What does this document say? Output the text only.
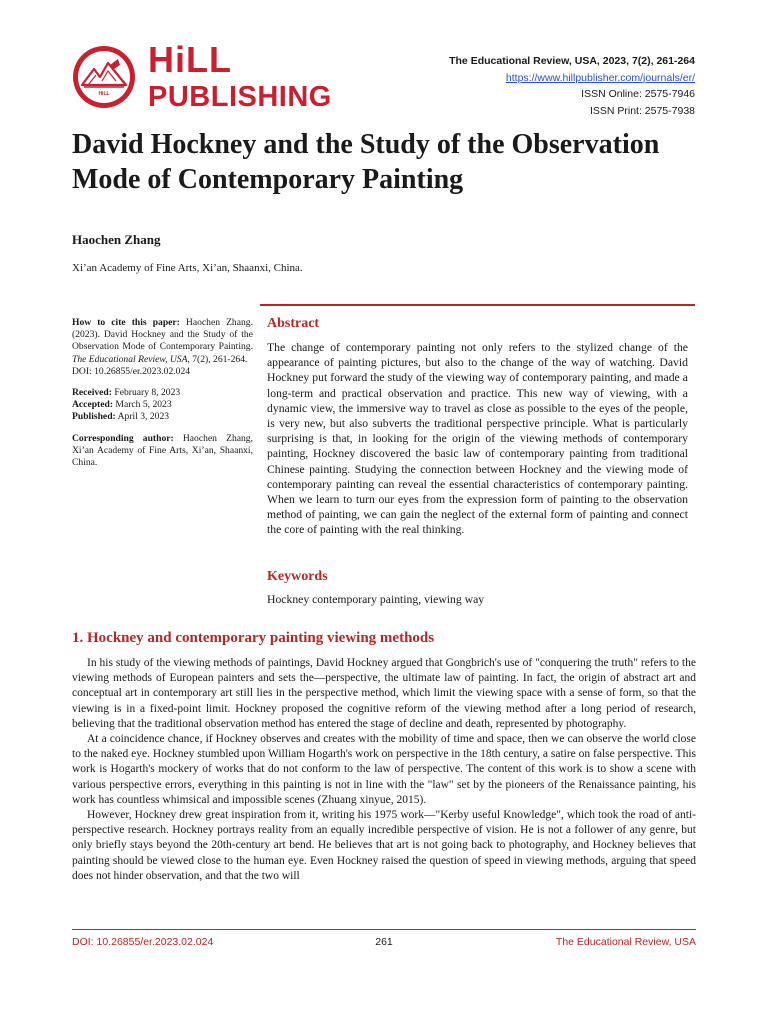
HiLL
HiLL
PUBLISHING
The Educational Review, USA, 2023, 7(2), 261-264
https://www.hillpublisher.com/journals/er/
ISSN Online: 2575-7946
ISSN Print: 2575-7938
David Hockney and the Study of the Observation Mode of Contemporary Painting
Haochen Zhang
Xi’an Academy of Fine Arts, Xi’an, Shaanxi, China.

How to cite this paper: Haochen Zhang. (2023). David Hockney and the Study of the Observation Mode of Contemporary Painting. The Educational Review, USA, 7(2), 261-264.
DOI: 10.26855/er.2023.02.024

Received: February 8, 2023
Accepted: March 5, 2023
Published: April 3, 2023

Corresponding author: Haochen Zhang, Xi’an Academy of Fine Arts, Xi’an, Shaanxi, China.

Abstract

The change of contemporary painting not only refers to the stylized change of the appearance of painting pictures, but also to the change of the way of watching. David Hockney put forward the study of the viewing way of contemporary painting, and made a long-term and practical observation and practice. This new way of viewing, with a dynamic view, the immersive way to travel as close as possible to the eyes of the people, is very new, but also subverts the traditional perspective principle. What is particularly surprising is that, in looking for the origin of the viewing methods of contemporary painting, Hockney discovered the basic law of contemporary painting from traditional Chinese painting. Studying the connection between Hockney and the viewing mode of contemporary painting can reveal the essential characteristics of contemporary painting. When we learn to turn our eyes from the expression form of painting to the observation method of painting, we can gain the neglect of the external form of painting and connect the core of painting with the real thinking.

Keywords

Hockney contemporary painting, viewing way

1. Hockney and contemporary painting viewing methods

In his study of the viewing methods of paintings, David Hockney argued that Gongbrich's use of "conquering the truth" refers to the viewing methods of European painters and sets the—perspective, the ultimate law of painting. In fact, the origin of abstract art and conceptual art in contemporary art still lies in the perspective method, which limit the viewing space with a sense of form, so that the viewing is in a fixed-point limit. Hockney proposed the cognitive reform of the viewing method after a long period of research, believing that the traditional observation method has entered the stage of decline and death, represented by photography.

At a coincidence chance, if Hockney observes and creates with the mobility of time and space, then we can observe the world close to the naked eye. Hockney stumbled upon William Hogarth's work on perspective in the 18th century, a satire on false perspective. This work is Hogarth's mockery of works that do not conform to the law of perspective. The content of this work is to show a scene with various perspective errors, everything in this painting is not in line with the "law" set by the pioneers of the Renaissance painting, his work has countless whimsical and impossible scenes (Zhuang xinyue, 2015).

However, Hockney drew great inspiration from it, writing his 1975 work—"Kerby useful Knowledge", which took the road of anti-perspective research. Hockney portrays reality from an equally incredible perspective of vision. He is not a follower of any genre, but only briefly stays beyond the 20th-century art bend. He believes that art is not going back to photography, and Hockney believes that painting should be viewed close to the human eye. Even Hockney raised the question of speed in viewing methods, arguing that speed does not hinder observation, and that the two will

DOI: 10.26855/er.2023.02.024	261	The Educational Review, USA
